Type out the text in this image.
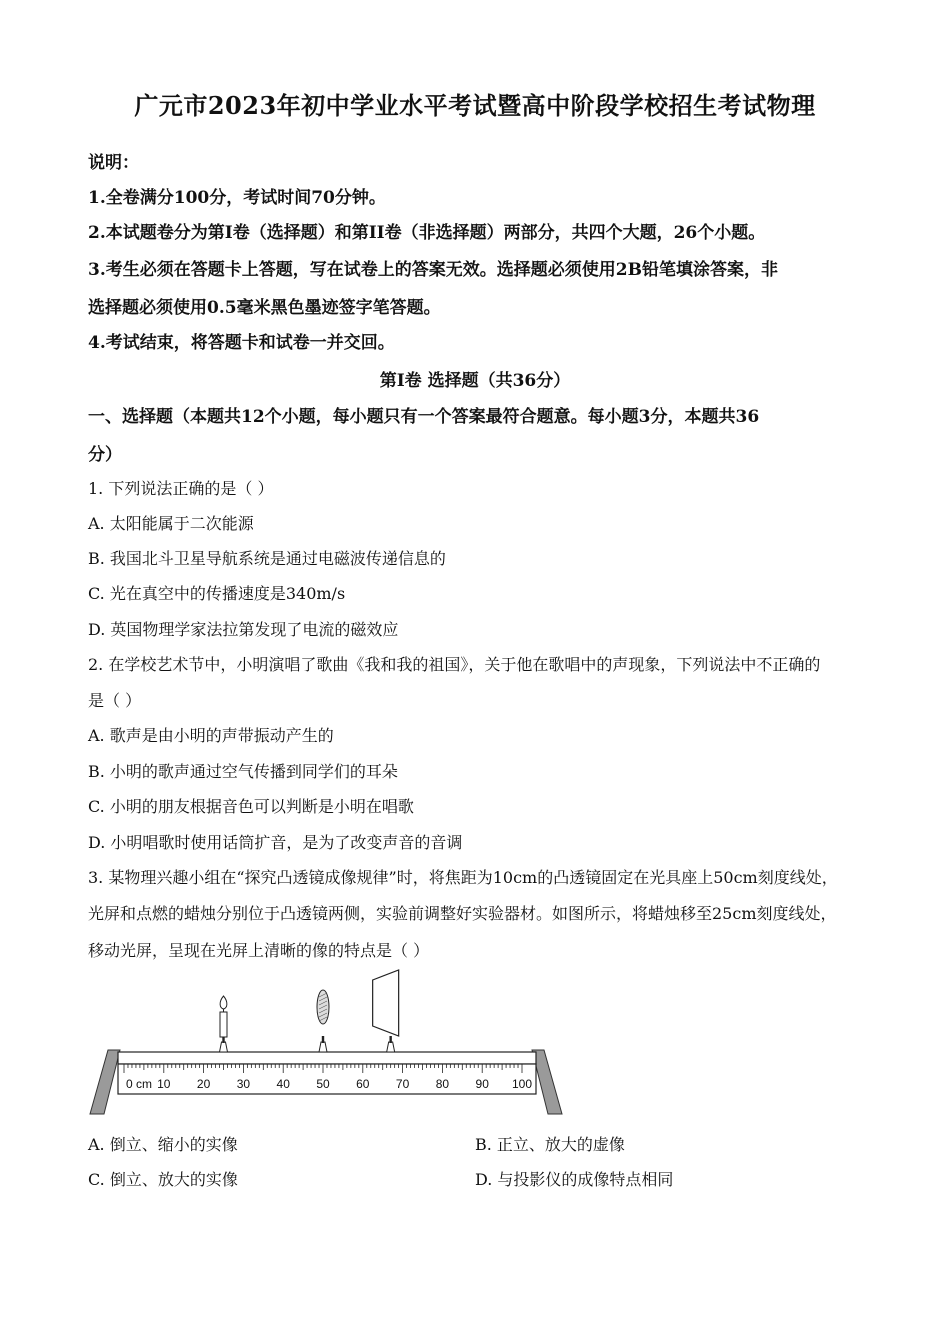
广元市2023年初中学业水平考试暨高中阶段学校招生考试物理
说明：
1.全卷满分100分，考试时间70分钟。
2.本试题卷分为第I卷（选择题）和第II卷（非选择题）两部分，共四个大题，26个小题。
3.考生必须在答题卡上答题，写在试卷上的答案无效。选择题必须使用2B铅笔填涂答案，非
选择题必须使用0.5毫米黑色墨迹签字笔答题。
4.考试结束，将答题卡和试卷一并交回。
第I卷 选择题（共36分）
一、选择题（本题共12个小题，每小题只有一个答案最符合题意。每小题3分，本题共36
分）
1. 下列说法正确的是（ ）
A. 太阳能属于二次能源
B. 我国北斗卫星导航系统是通过电磁波传递信息的
C. 光在真空中的传播速度是340m/s
D. 英国物理学家法拉第发现了电流的磁效应
2. 在学校艺术节中，小明演唱了歌曲《我和我的祖国》，关于他在歌唱中的声现象，下列说法中不正确的
是（ ）
A. 歌声是由小明的声带振动产生的
B. 小明的歌声通过空气传播到同学们的耳朵
C. 小明的朋友根据音色可以判断是小明在唱歌
D. 小明唱歌时使用话筒扩音，是为了改变声音的音调
3. 某物理兴趣小组在“探究凸透镜成像规律”时，将焦距为10cm的凸透镜固定在光具座上50cm刻度线处，
光屏和点燃的蜡烛分别位于凸透镜两侧，实验前调整好实验器材。如图所示，将蜡烛移至25cm刻度线处，
移动光屏，呈现在光屏上清晰的像的特点是（ ）
0 cm 10 20 30 40 50 60 70 80 90 100
A. 倒立、缩小的实像	B. 正立、放大的虚像
C. 倒立、放大的实像	D. 与投影仪的成像特点相同
